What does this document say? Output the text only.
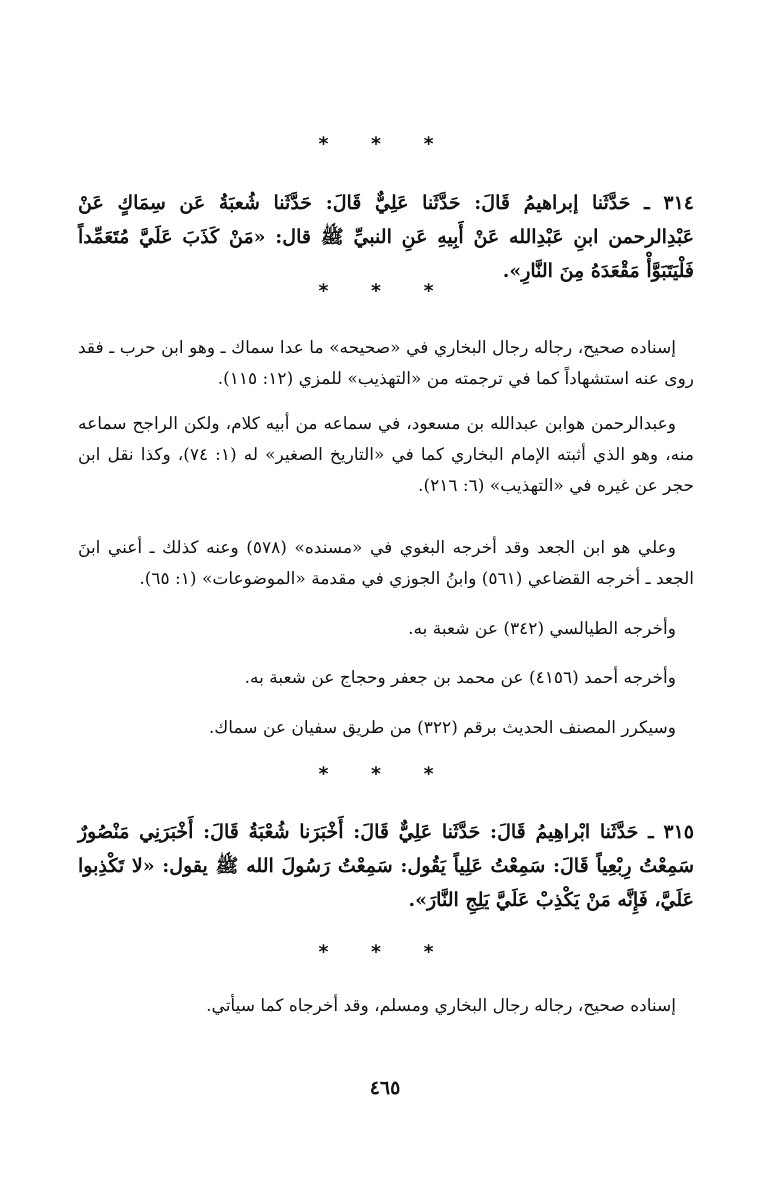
* * *
٣١٤ ـ حَدَّثَنا إبراهيمُ قَالَ: حَدَّثَنا عَلِيٌّ قَالَ: حَدَّثَنا شُعبَةُ عَن سِمَاكٍ عَنْ عَبْدِالرحمن ابنِ عَبْدِالله عَنْ أَبِيهِ عَنِ النبيِّ ﷺ قال: «مَنْ كَذَبَ عَلَيَّ مُتَعَمِّداً فَلْيَتَبَوَّأْ مَقْعَدَهُ مِنَ النَّارِ».
* * *
إسناده صحيح، رجاله رجال البخاري في «صحيحه» ما عدا سماك ـ وهو ابن حرب ـ فقد روى عنه استشهاداً كما في ترجمته من «التهذيب» للمزي (١٢: ١١٥).
وعبدالرحمن هوابن عبدالله بن مسعود، في سماعه من أبيه كلام، ولكن الراجح سماعه منه، وهو الذي أثبته الإمام البخاري كما في «التاريخ الصغير» له (١: ٧٤)، وكذا نقل ابن حجر عن غيره في «التهذيب» (٦: ٢١٦).
وعلي هو ابن الجعد وقد أخرجه البغوي في «مسنده» (٥٧٨) وعنه كذلك ـ أعني ابنَ الجعد ـ أخرجه القضاعي (٥٦١) وابنُ الجوزي في مقدمة «الموضوعات» (١: ٦٥).
وأخرجه الطيالسي (٣٤٢) عن شعبة به.
وأخرجه أحمد (٤١٥٦) عن محمد بن جعفر وحجاج عن شعبة به.
وسيكرر المصنف الحديث برقم (٣٢٢) من طريق سفيان عن سماك.
* * *
٣١٥ ـ حَدَّثَنا ابْراهِيمُ قَالَ: حَدَّثَنا عَلِيٌّ قَالَ: أَخْبَرَنا شُعْبَةُ قَالَ: أَخْبَرَنِي مَنْصُورٌ سَمِعْتُ رِبْعِياً قَالَ: سَمِعْتُ عَلِياً يَقُول: سَمِعْتُ رَسُولَ الله ﷺ يقول: «لا تَكْذِبوا عَلَيَّ، فَإِنَّه مَنْ يَكْذِبْ عَلَيَّ يَلِجِ النَّارَ».
* * *
إسناده صحيح، رجاله رجال البخاري ومسلم، وقد أخرجاه كما سيأتي.
٤٦٥
